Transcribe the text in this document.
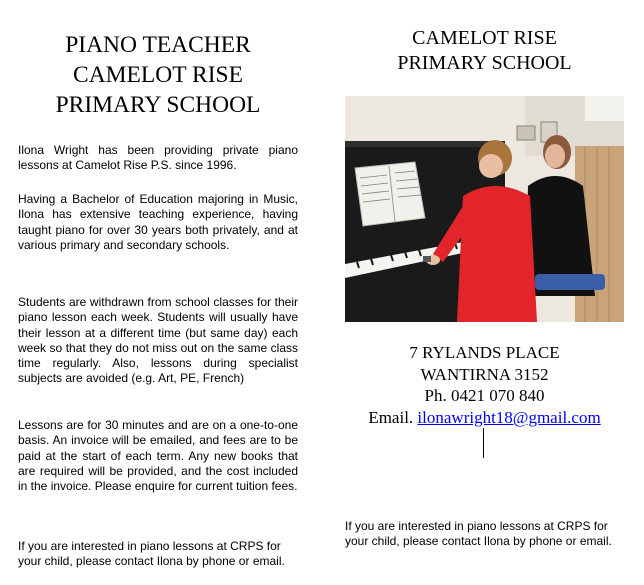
PIANO TEACHER
CAMELOT RISE
PRIMARY SCHOOL

Ilona Wright has been providing private piano lessons at Camelot Rise P.S. since 1996.

Having a Bachelor of Education majoring in Music, Ilona has extensive teaching experience, having taught piano for over 30 years both privately, and at various primary and secondary schools.

Students are withdrawn from school classes for their piano lesson each week. Students will usually have their lesson at a different time (but same day) each week so that they do not miss out on the same class time regularly. Also, lessons during specialist subjects are avoided (e.g. Art, PE, French)

Lessons are for 30 minutes and are on a one-to-one basis. An invoice will be emailed, and fees are to be paid at the start of each term. Any new books that are required will be provided, and the cost included in the invoice. Please enquire for current tuition fees.

If you are interested in piano lessons at CRPS for your child, please contact Ilona by phone or email.

CAMELOT RISE
PRIMARY SCHOOL
7 RYLANDS PLACE
WANTIRNA 3152
Ph. 0421 070 840
Email. ilonawright18@gmail.com

If you are interested in piano lessons at CRPS for your child, please contact Ilona by phone or email.
